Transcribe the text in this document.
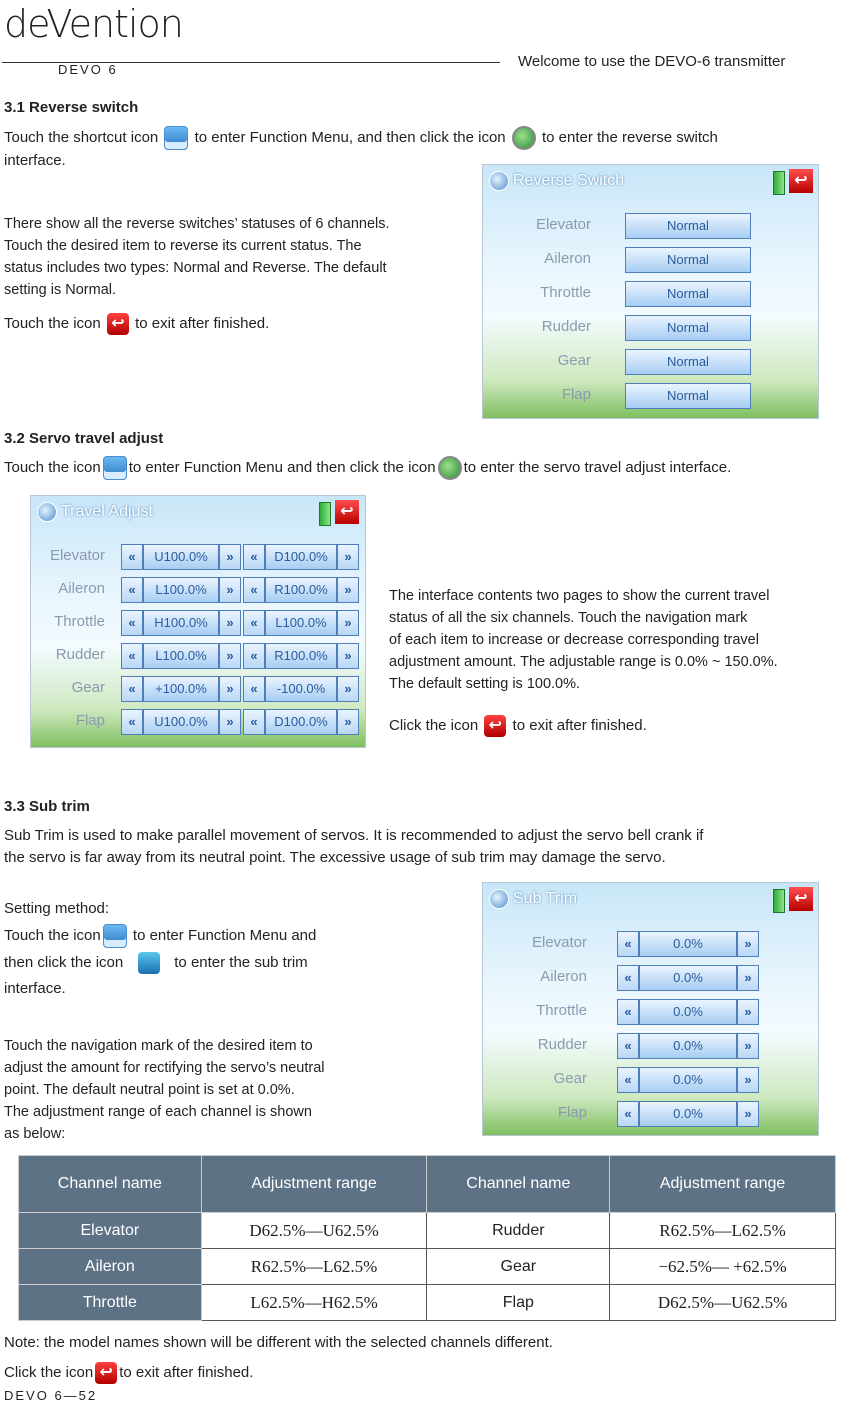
deVention
DEVO 6	Welcome to use the DEVO-6 transmitter
3.1 Reverse switch
Touch the shortcut icon to enter Function Menu, and then click the icon to enter the reverse switch
interface.
There show all the reverse switches’ statuses of 6 channels.
Touch the desired item to reverse its current status. The
status includes two types: Normal and Reverse. The default
setting is Normal.
Touch the icon ↩ to exit after finished.
Reverse Switch	↩
Elevator	Normal
Aileron	Normal
Throttle	Normal
Rudder	Normal
Gear	Normal
Flap	Normal
3.2 Servo travel adjust
Touch the icon to enter Function Menu and then click the icon to enter the servo travel adjust interface.
Travel Adjust	↩
Elevator	«	U100.0%	»	«	D100.0%	»
Aileron	«	L100.0%	»	«	R100.0%	»
Throttle	«	H100.0%	»	«	L100.0%	»
Rudder	«	L100.0%	»	«	R100.0%	»
Gear	«	+100.0%	»	«	-100.0%	»
Flap	«	U100.0%	»	«	D100.0%	»
The interface contents two pages to show the current travel
status of all the six channels. Touch the navigation mark
of each item to increase or decrease corresponding travel
adjustment amount. The adjustable range is 0.0% ~ 150.0%.
The default setting is 100.0%.
Click the icon ↩ to exit after finished.
3.3 Sub trim
Sub Trim is used to make parallel movement of servos. It is recommended to adjust the servo bell crank if
the servo is far away from its neutral point. The excessive usage of sub trim may damage the servo.
Setting method:
Touch the icon to enter Function Menu and
then click the icon	to enter the sub trim
interface.
Touch the navigation mark of the desired item to
adjust the amount for rectifying the servo’s neutral
point. The default neutral point is set at 0.0%.
The adjustment range of each channel is shown
as below:
Sub Trim	↩
Elevator	«	0.0%	»
Aileron	«	0.0%	»
Throttle	«	0.0%	»
Rudder	«	0.0%	»
Gear	«	0.0%	»
Flap	«	0.0%	»
Channel name	Adjustment range	Channel name	Adjustment range
Elevator	D62.5%—U62.5%	Rudder	R62.5%—L62.5%
Aileron	R62.5%—L62.5%	Gear	−62.5%— +62.5%
Throttle	L62.5%—H62.5%	Flap	D62.5%—U62.5%
Note: the model names shown will be different with the selected channels different.
Click the icon ↩ to exit after finished.
DEVO 6—52
